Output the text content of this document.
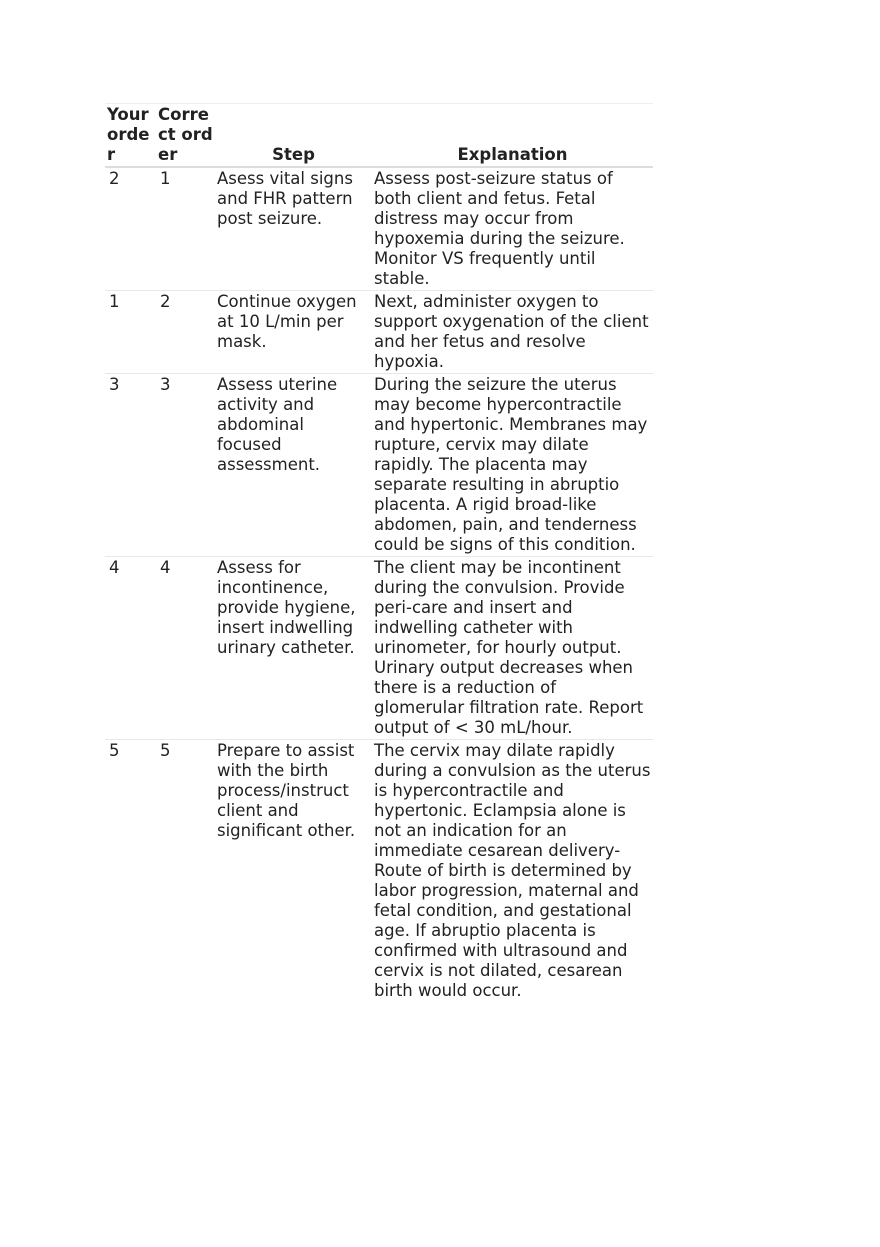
Your order	Correct order	Step	Explanation
2	1	Asess vital signs and FHR pattern post seizure.	Assess post-seizure status of both client and fetus. Fetal distress may occur from hypoxemia during the seizure. Monitor VS frequently until stable.
1	2	Continue oxygen at 10 L/min per mask.	Next, administer oxygen to support oxygenation of the client and her fetus and resolve hypoxia.
3	3	Assess uterine activity and abdominal focused assessment.	During the seizure the uterus may become hypercontractile and hypertonic. Membranes may rupture, cervix may dilate rapidly. The placenta may separate resulting in abruptio placenta. A rigid broad-like abdomen, pain, and tenderness could be signs of this condition.
4	4	Assess for incontinence, provide hygiene, insert indwelling urinary catheter.	The client may be incontinent during the convulsion. Provide peri-care and insert and indwelling catheter with urinometer, for hourly output. Urinary output decreases when there is a reduction of glomerular filtration rate. Report output of < 30 mL/hour.
5	5	Prepare to assist with the birth process/instruct client and significant other.	The cervix may dilate rapidly during a convulsion as the uterus is hypercontractile and hypertonic. Eclampsia alone is not an indication for an immediate cesarean delivery- Route of birth is determined by labor progression, maternal and fetal condition, and gestational age. If abruptio placenta is confirmed with ultrasound and cervix is not dilated, cesarean birth would occur.
